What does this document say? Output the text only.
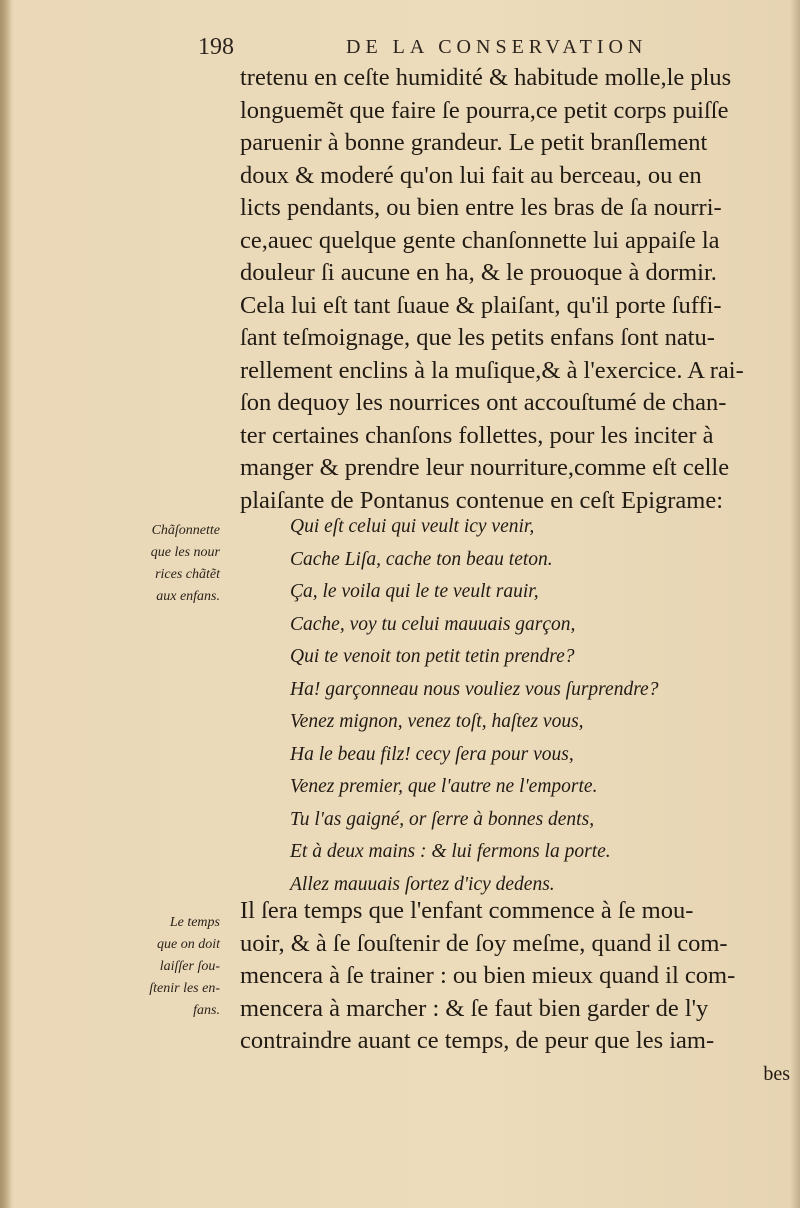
198	DE LA CONSERVATION
tretenu en ceſte humidité & habitude molle,le plus
longuemẽt que faire ſe pourra,ce petit corps puiſſe
paruenir à bonne grandeur. Le petit branſlement
doux & moderé qu'on lui fait au berceau, ou en
licts pendants, ou bien entre les bras de ſa nourri-
ce,auec quelque gente chanſonnette lui appaiſe la
douleur ſi aucune en ha, & le prouoque à dormir.
Cela lui eſt tant ſuaue & plaiſant, qu'il porte ſuffi-
ſant teſmoignage, que les petits enfans ſont natu-
rellement enclins à la muſique,& à l'exercice. A rai-
ſon dequoy les nourrices ont accouſtumé de chan-
ter certaines chanſons follettes, pour les inciter à
manger & prendre leur nourriture,comme eſt celle
plaiſante de Pontanus contenue en ceſt Epigrame:
Chãſonnette
que les nour
rices chãtẽt
aux enfans.
Qui eſt celui qui veult icy venir,
Cache Liſa, cache ton beau teton.
Ça, le voila qui le te veult rauir,
Cache, voy tu celui mauuais garçon,
Qui te venoit ton petit tetin prendre?
Ha! garçonneau nous vouliez vous ſurprendre?
Venez mignon, venez toſt, haſtez vous,
Ha le beau filz! cecy ſera pour vous,
Venez premier, que l'autre ne l'emporte.
Tu l'as gaigné, or ſerre à bonnes dents,
Et à deux mains : & lui fermons la porte.
Allez mauuais ſortez d'icy dedens.
Le temps
que on doit
laiſſer ſou-
ſtenir les en-
fans.
Il ſera temps que l'enfant commence à ſe mou-
uoir, & à ſe ſouſtenir de ſoy meſme, quand il com-
mencera à ſe trainer : ou bien mieux quand il com-
mencera à marcher : & ſe faut bien garder de l'y
contraindre auant ce temps, de peur que les iam-
bes
